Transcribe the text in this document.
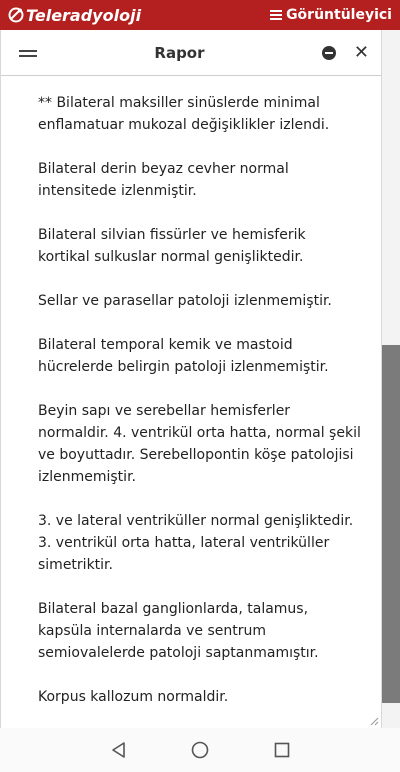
Teleradyoloji	Görüntüleyici
Rapor	✕

** Bilateral maksiller sinüslerde minimal enflamatuar mukozal değişiklikler izlendi.

Bilateral derin beyaz cevher normal intensitede izlenmiştir.

Bilateral silvian fissürler ve hemisferik kortikal sulkuslar normal genişliktedir.

Sellar ve parasellar patoloji izlenmemiştir.

Bilateral temporal kemik ve mastoid hücrelerde belirgin patoloji izlenmemiştir.

Beyin sapı ve serebellar hemisferler normaldir. 4. ventrikül orta hatta, normal şekil ve boyuttadır. Serebellopontin köşe patolojisi izlenmemiştir.

3. ve lateral ventriküller normal genişliktedir. 3. ventrikül orta hatta, lateral ventriküller simetriktir.

Bilateral bazal ganglionlarda, talamus, kapsüla internalarda ve sentrum semiovalelerde patoloji saptanmamıştır.

Korpus kallozum normaldir.
